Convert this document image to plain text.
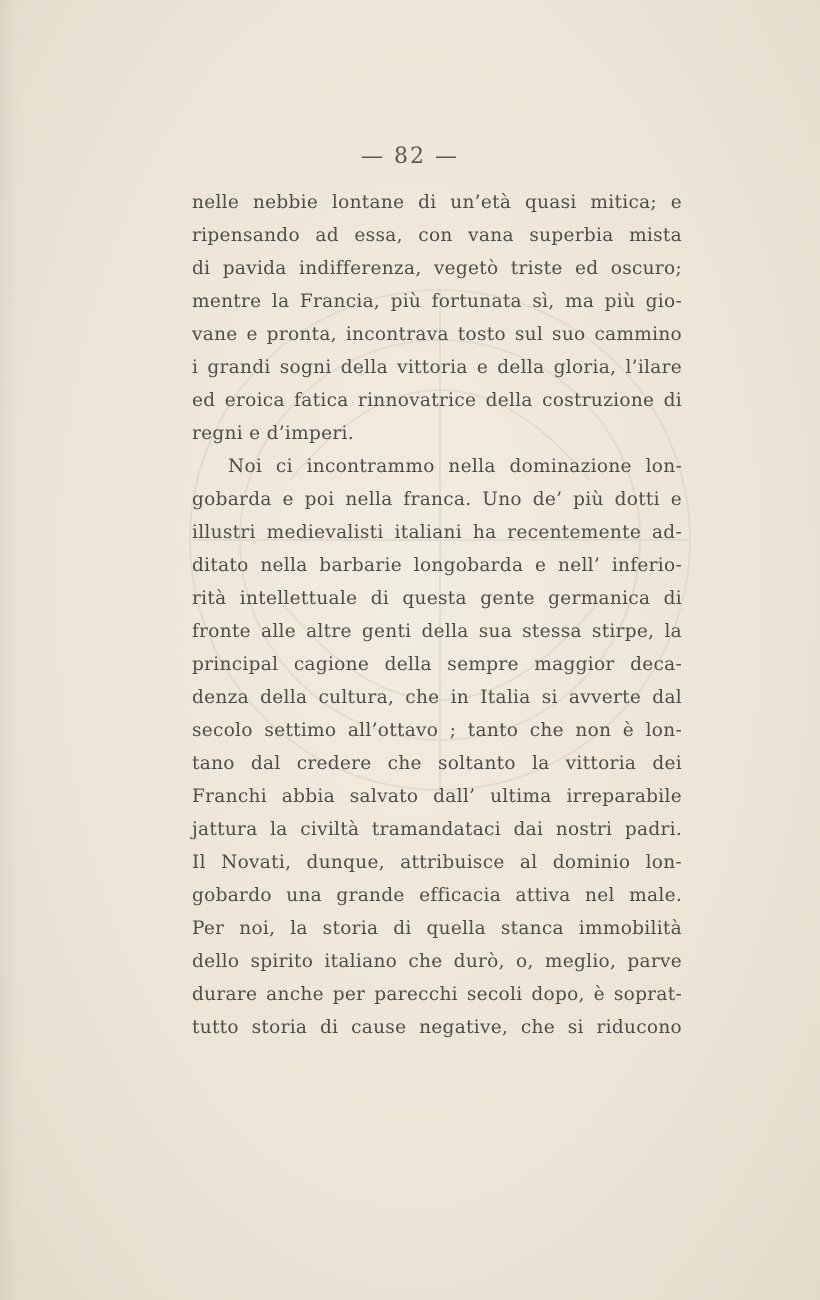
— 82 —
nelle nebbie lontane di un’età quasi mitica; e
ripensando ad essa, con vana superbia mista
di pavida indifferenza, vegetò triste ed oscuro;
mentre la Francia, più fortunata sì, ma più gio-
vane e pronta, incontrava tosto sul suo cammino
i grandi sogni della vittoria e della gloria, l’ilare
ed eroica fatica rinnovatrice della costruzione di
regni e d’imperi.
Noi ci incontrammo nella dominazione lon-
gobarda e poi nella franca. Uno de’ più dotti e
illustri medievalisti italiani ha recentemente ad-
ditato nella barbarie longobarda e nell’ inferio-
rità intellettuale di questa gente germanica di
fronte alle altre genti della sua stessa stirpe, la
principal cagione della sempre maggior deca-
denza della cultura, che in Italia si avverte dal
secolo settimo all’ottavo ; tanto che non è lon-
tano dal credere che soltanto la vittoria dei
Franchi abbia salvato dall’ ultima irreparabile
jattura la civiltà tramandataci dai nostri padri.
Il Novati, dunque, attribuisce al dominio lon-
gobardo una grande efficacia attiva nel male.
Per noi, la storia di quella stanca immobilità
dello spirito italiano che durò, o, meglio, parve
durare anche per parecchi secoli dopo, è soprat-
tutto storia di cause negative, che si riducono
